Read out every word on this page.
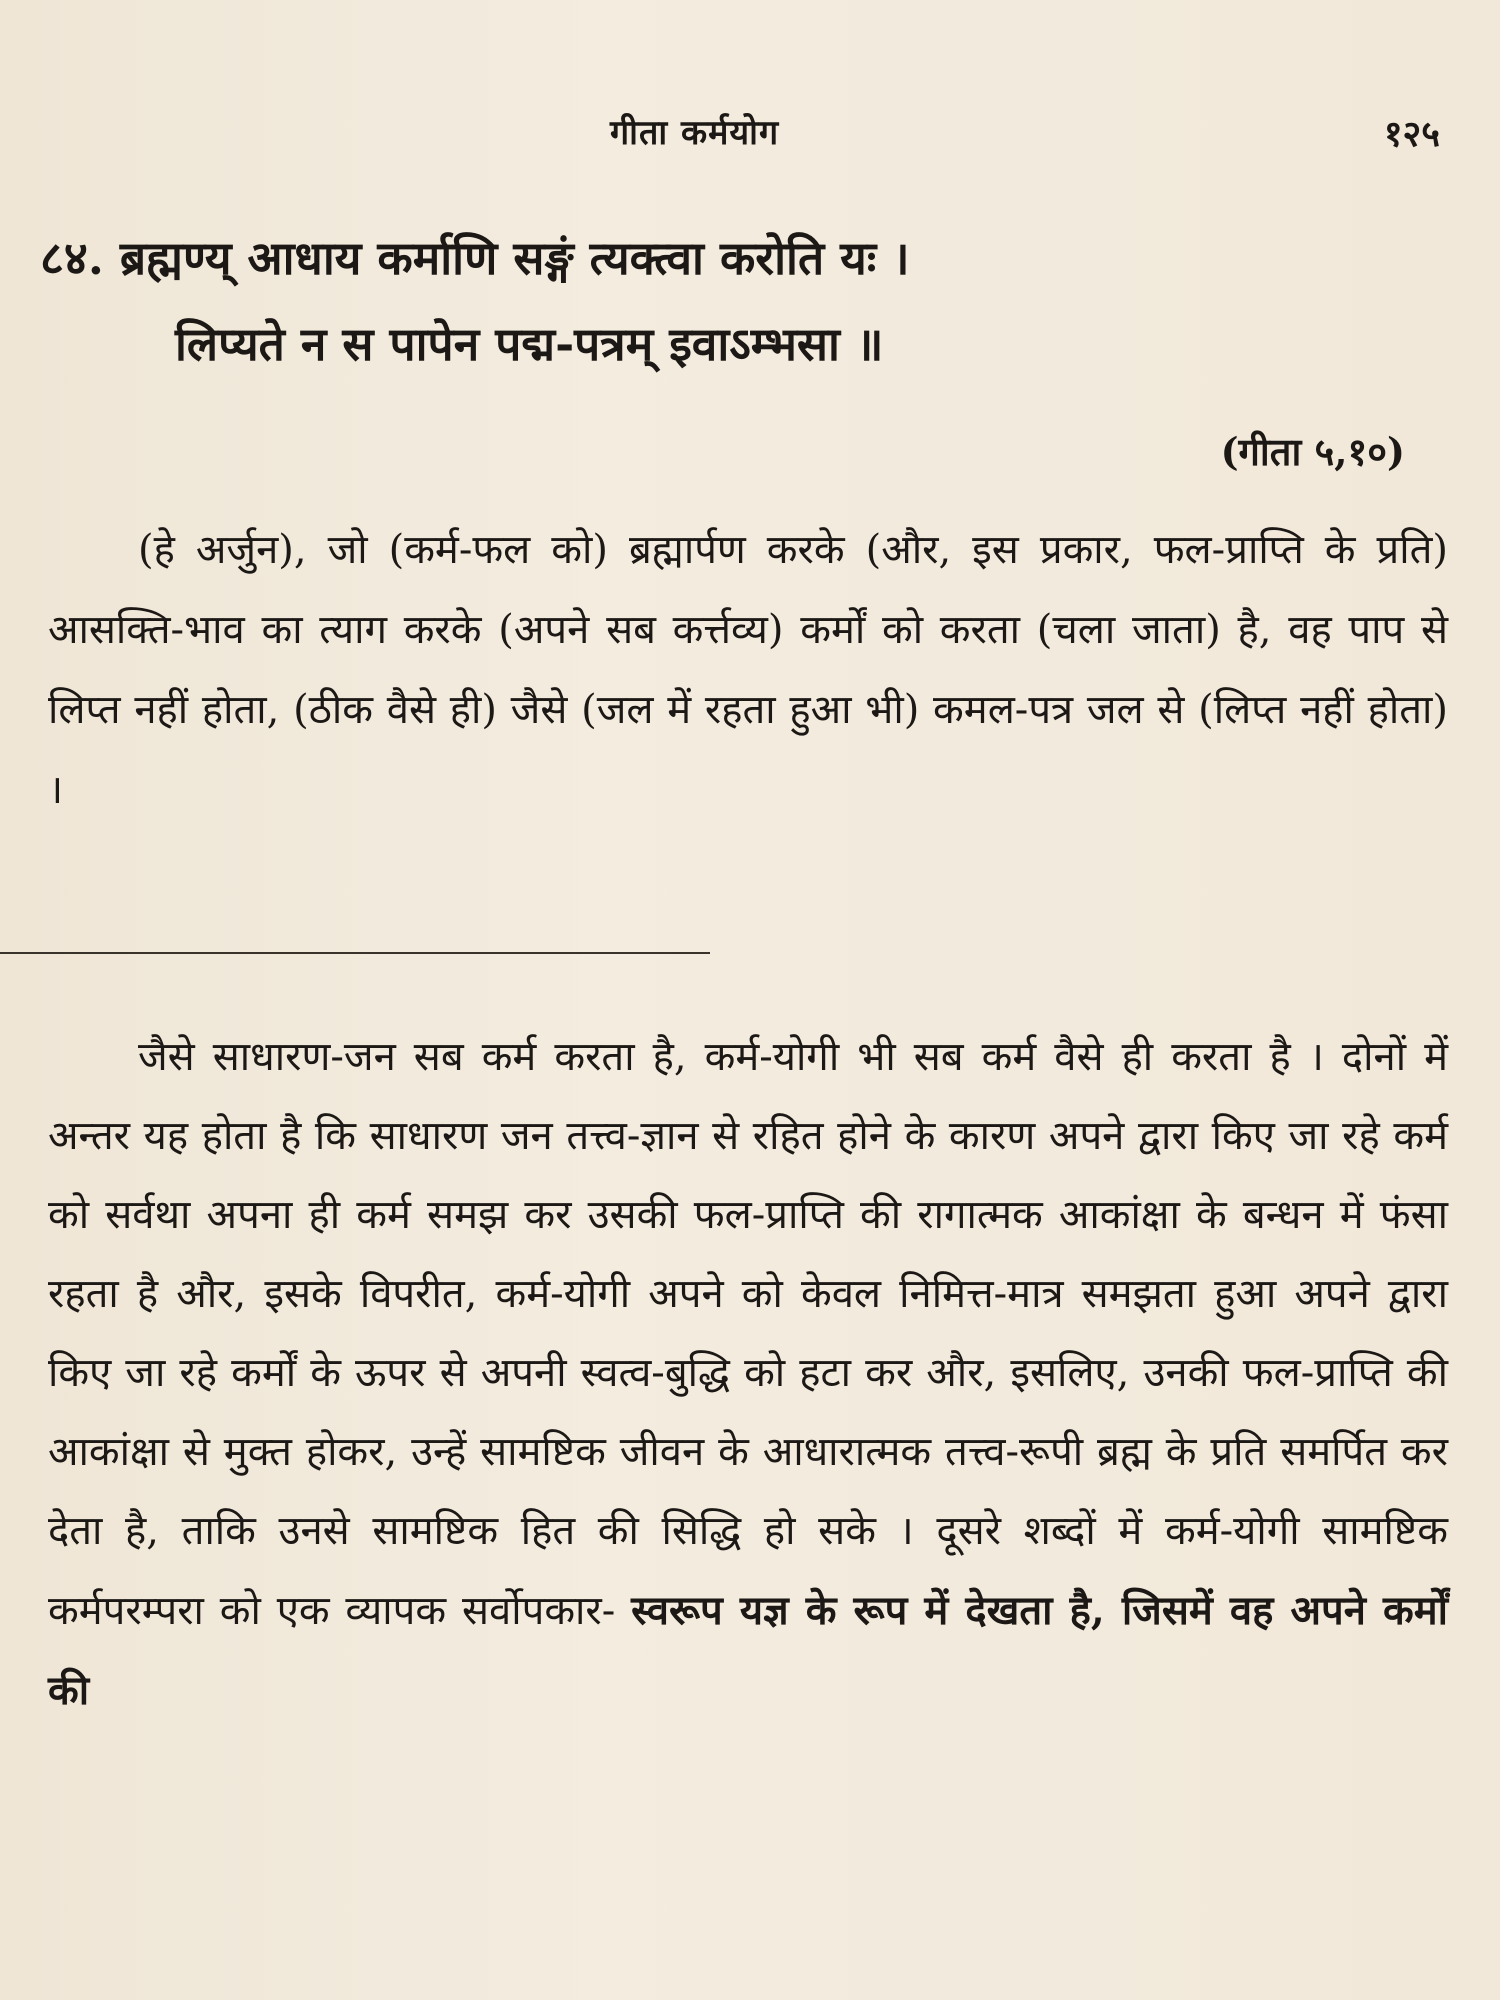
गीता कर्मयोग	१२५
८४. ब्रह्मण्य् आधाय कर्माणि सङ्गं त्यक्त्वा करोति यः ।
लिप्यते न स पापेन पद्म-पत्रम् इवाऽम्भसा ॥
(गीता ५,१०)

(हे अर्जुन), जो (कर्म-फल को) ब्रह्मार्पण करके (और, इस प्रकार, फल-प्राप्ति के प्रति) आसक्ति-भाव का त्याग करके (अपने सब कर्त्तव्य) कर्मों को करता (चला जाता) है, वह पाप से लिप्त नहीं होता, (ठीक वैसे ही) जैसे (जल में रहता हुआ भी) कमल-पत्र जल से (लिप्त नहीं होता) ।

जैसे साधारण-जन सब कर्म करता है, कर्म-योगी भी सब कर्म वैसे ही करता है । दोनों में अन्तर यह होता है कि साधारण जन तत्त्व-ज्ञान से रहित होने के कारण अपने द्वारा किए जा रहे कर्म को सर्वथा अपना ही कर्म समझ कर उसकी फल-प्राप्ति की रागात्मक आकांक्षा के बन्धन में फंसा रहता है और, इसके विपरीत, कर्म-योगी अपने को केवल निमित्त-मात्र समझता हुआ अपने द्वारा किए जा रहे कर्मों के ऊपर से अपनी स्वत्व-बुद्धि को हटा कर और, इसलिए, उनकी फल-प्राप्ति की आकांक्षा से मुक्त होकर, उन्हें सामष्टिक जीवन के आधारात्मक तत्त्व-रूपी ब्रह्म के प्रति समर्पित कर देता है, ताकि उनसे सामष्टिक हित की सिद्धि हो सके । दूसरे शब्दों में कर्म-योगी सामष्टिक कर्मपरम्परा को एक व्यापक सर्वोपकार- स्वरूप यज्ञ के रूप में देखता है, जिसमें वह अपने कर्मों की
